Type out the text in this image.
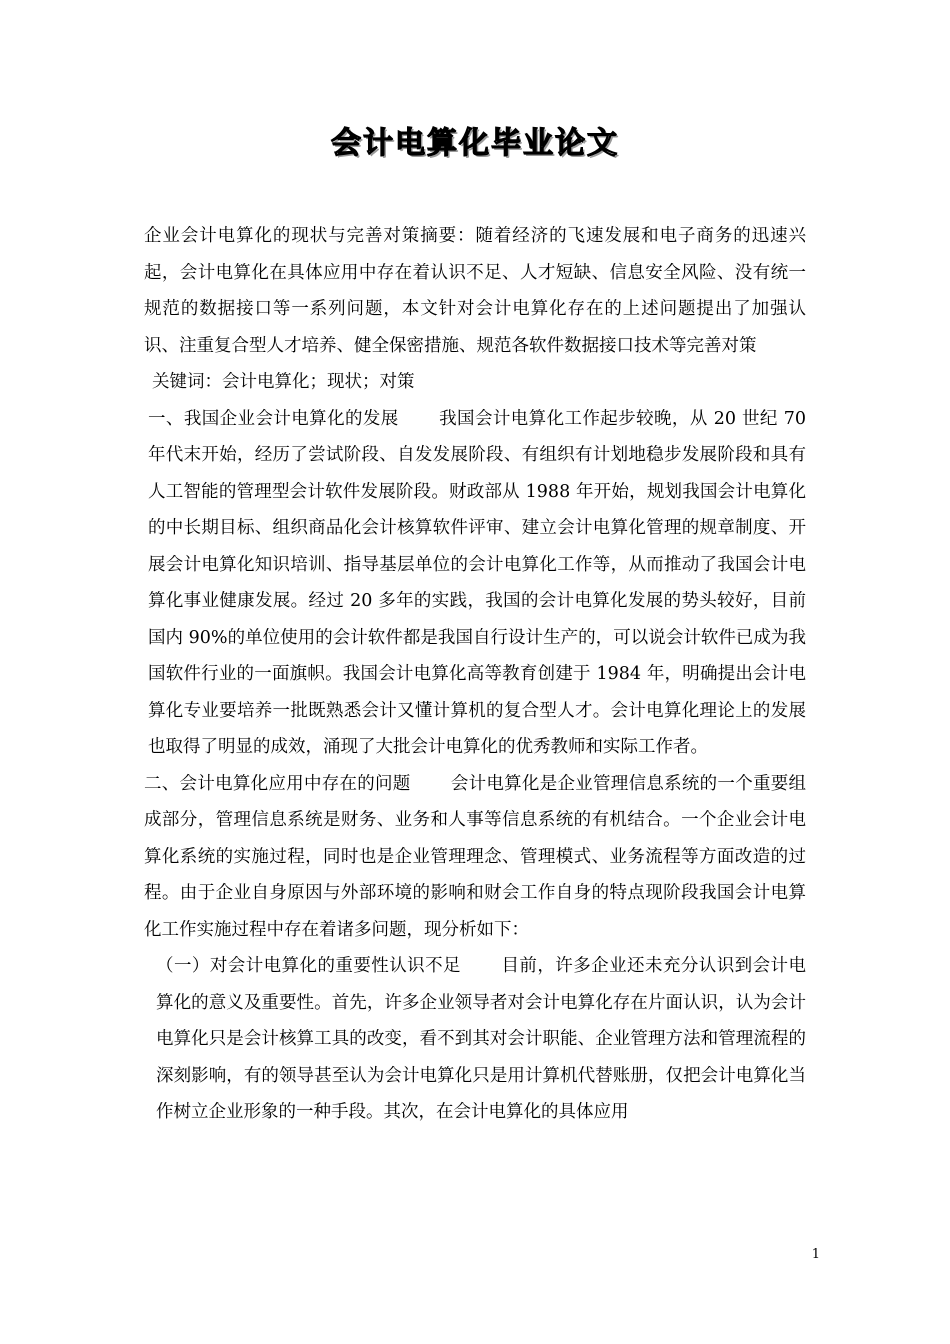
会计电算化毕业论文

企业会计电算化的现状与完善对策摘要：随着经济的飞速发展和电子商务的迅速兴起，会计电算化在具体应用中存在着认识不足、人才短缺、信息安全风险、没有统一规范的数据接口等一系列问题，本文针对会计电算化存在的上述问题提出了加强认识、注重复合型人才培养、健全保密措施、规范各软件数据接口技术等完善对策

关键词：会计电算化；现状；对策

一、我国企业会计电算化的发展 我国会计电算化工作起步较晚，从 20 世纪 70 年代末开始，经历了尝试阶段、自发发展阶段、有组织有计划地稳步发展阶段和具有人工智能的管理型会计软件发展阶段。财政部从 1988 年开始，规划我国会计电算化的中长期目标、组织商品化会计核算软件评审、建立会计电算化管理的规章制度、开展会计电算化知识培训、指导基层单位的会计电算化工作等，从而推动了我国会计电算化事业健康发展。经过 20 多年的实践，我国的会计电算化发展的势头较好，目前国内 90%的单位使用的会计软件都是我国自行设计生产的，可以说会计软件已成为我国软件行业的一面旗帜。我国会计电算化高等教育创建于 1984 年，明确提出会计电算化专业要培养一批既熟悉会计又懂计算机的复合型人才。会计电算化理论上的发展也取得了明显的成效，涌现了大批会计电算化的优秀教师和实际工作者。

二、会计电算化应用中存在的问题 会计电算化是企业管理信息系统的一个重要组成部分，管理信息系统是财务、业务和人事等信息系统的有机结合。一个企业会计电算化系统的实施过程，同时也是企业管理理念、管理模式、业务流程等方面改造的过程。由于企业自身原因与外部环境的影响和财会工作自身的特点现阶段我国会计电算化工作实施过程中存在着诸多问题，现分析如下：

（一）对会计电算化的重要性认识不足 目前，许多企业还未充分认识到会计电算化的意义及重要性。首先，许多企业领导者对会计电算化存在片面认识，认为会计电算化只是会计核算工具的改变，看不到其对会计职能、企业管理方法和管理流程的深刻影响，有的领导甚至认为会计电算化只是用计算机代替账册，仅把会计电算化当作树立企业形象的一种手段。其次，在会计电算化的具体应用

1
